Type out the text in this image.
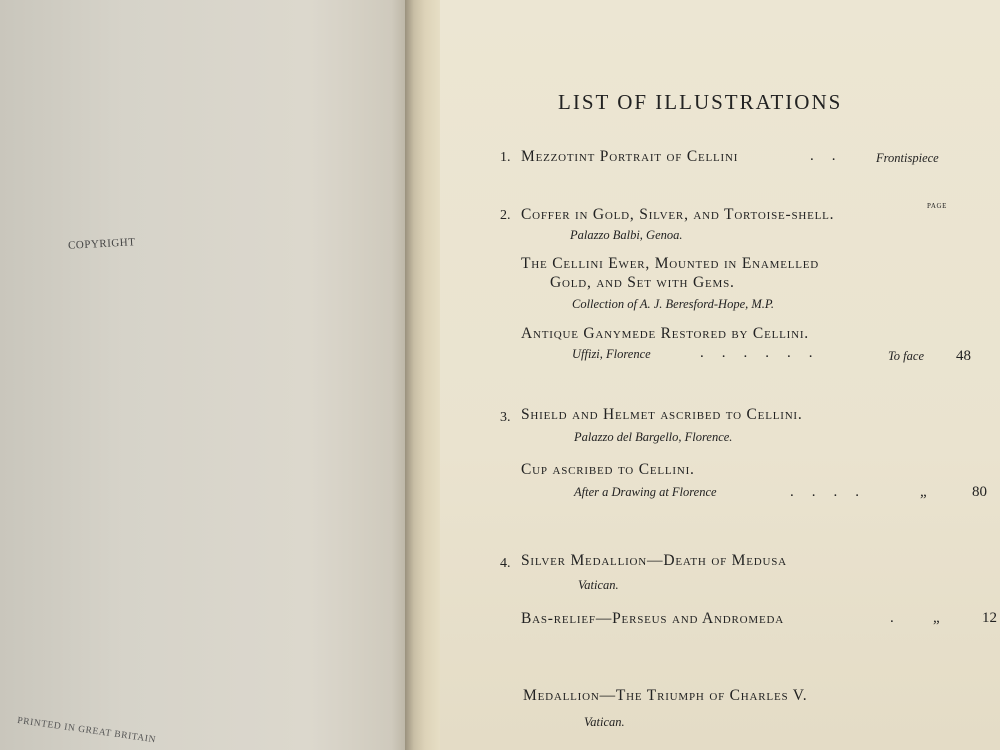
COPYRIGHT
PRINTED IN GREAT BRITAIN
LIST OF ILLUSTRATIONS
1. Mezzotint Portrait of Cellini	.. Frontispiece
PAGE
2. Coffer in Gold, Silver, and Tortoise-shell.
Palazzo Balbi, Genoa.
The Cellini Ewer, Mounted in Enamelled
Gold, and Set with Gems.
Collection of A. J. Beresford-Hope, M.P.
Antique Ganymede Restored by Cellini.
Uffizi, Florence	......	To face 48
3. Shield and Helmet ascribed to Cellini.
Palazzo del Bargello, Florence.
Cup ascribed to Cellini.
After a Drawing at Florence	....	„	80
4. Silver Medallion—Death of Medusa
Vatican.
Bas-relief—Perseus and Andromeda	. „	12
Medallion—The Triumph of Charles V.
Vatican.
